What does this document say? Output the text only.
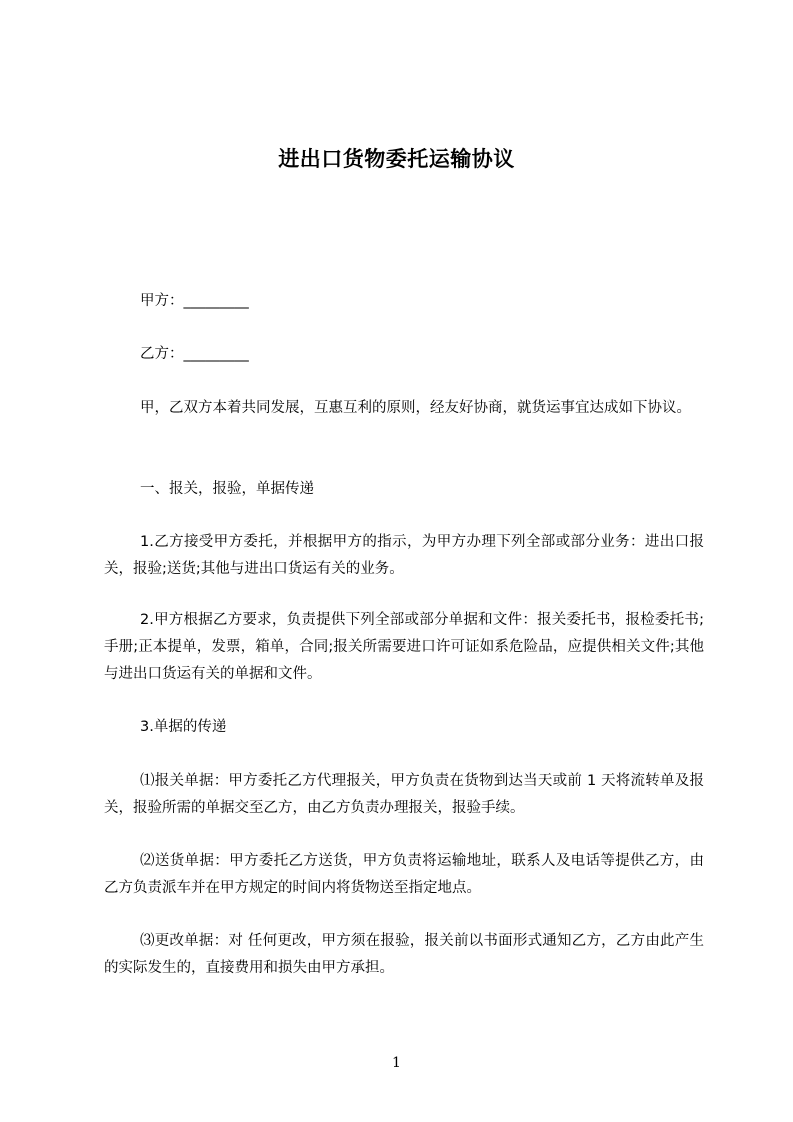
进出口货物委托运输协议

甲方：_________

乙方：_________

甲，乙双方本着共同发展，互惠互利的原则，经友好协商，就货运事宜达成如下协议。

一、报关，报验，单据传递

1.乙方接受甲方委托，并根据甲方的指示，为甲方办理下列全部或部分业务：进出口报关，报验;送货;其他与进出口货运有关的业务。

2.甲方根据乙方要求，负责提供下列全部或部分单据和文件：报关委托书，报检委托书;手册;正本提单，发票，箱单，合同;报关所需要进口许可证如系危险品，应提供相关文件;其他与进出口货运有关的单据和文件。

3.单据的传递

⑴报关单据：甲方委托乙方代理报关，甲方负责在货物到达当天或前 1 天将流转单及报关，报验所需的单据交至乙方，由乙方负责办理报关，报验手续。

⑵送货单据：甲方委托乙方送货，甲方负责将运输地址，联系人及电话等提供乙方，由乙方负责派车并在甲方规定的时间内将货物送至指定地点。

⑶更改单据：对 任何更改，甲方须在报验，报关前以书面形式通知乙方，乙方由此产生的实际发生的，直接费用和损失由甲方承担。

1
